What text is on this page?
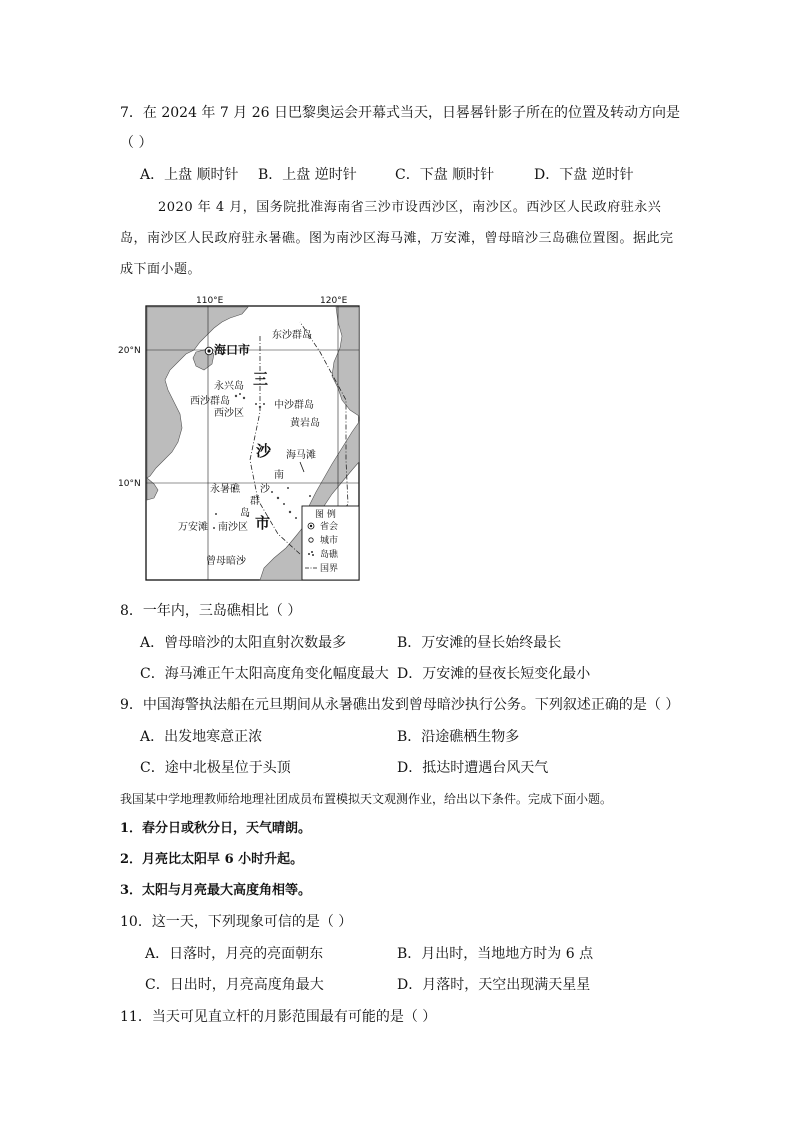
7．在 2024 年 7 月 26 日巴黎奥运会开幕式当天，日晷晷针影子所在的位置及转动方向是
（ ）
A．上盘 顺时针 B．上盘 逆时针	C．下盘 顺时针	D．下盘 逆时针
2020 年 4 月，国务院批准海南省三沙市设西沙区，南沙区。西沙区人民政府驻永兴岛，南沙区人民政府驻永暑礁。图为南沙区海马滩，万安滩，曾母暗沙三岛礁位置图。据此完成下面小题。
110°E	120°E
20°N
10°N
海口市
东沙群岛
永兴岛
西沙群岛
西沙区
中沙群岛
黄岩岛
海马滩
永暑礁
万安滩 南沙区
曾母暗沙
三
沙
市
南
沙
群
岛	图 例
省会
城市
岛礁
国界
8．一年内，三岛礁相比（ ）
A．曾母暗沙的太阳直射次数最多	B．万安滩的昼长始终最长
C．海马滩正午太阳高度角变化幅度最大 D．万安滩的昼夜长短变化最小
9．中国海警执法船在元旦期间从永暑礁出发到曾母暗沙执行公务。下列叙述正确的是（ ）
A．出发地寒意正浓	B．沿途礁栖生物多
C．途中北极星位于头顶	D．抵达时遭遇台风天气
我国某中学地理教师给地理社团成员布置模拟天文观测作业，给出以下条件。完成下面小题。
1．春分日或秋分日，天气晴朗。
2．月亮比太阳早 6 小时升起。
3．太阳与月亮最大高度角相等。
10．这一天，下列现象可信的是（ ）
A．日落时，月亮的亮面朝东	B．月出时，当地地方时为 6 点
C．日出时，月亮高度角最大	D．月落时，天空出现满天星星
11．当天可见直立杆的月影范围最有可能的是（ ）
